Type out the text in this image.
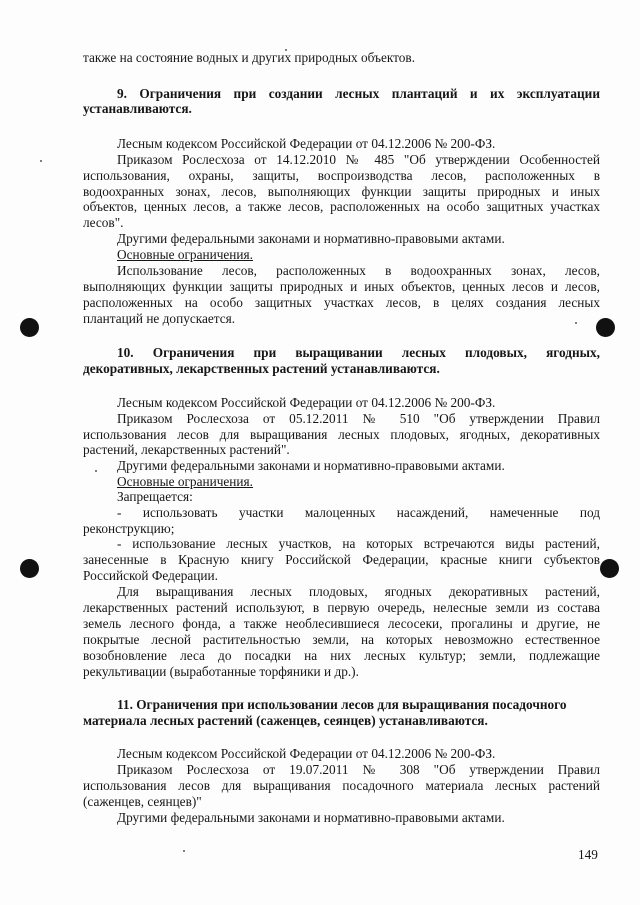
также на состояние водных и других природных объектов.
9. Ограничения при создании лесных плантаций и их эксплуатации
устанавливаются.
Лесным кодексом Российской Федерации от 04.12.2006 № 200-ФЗ.
Приказом Рослесхоза от 14.12.2010 № 485 "Об утверждении Особенностей
использования, охраны, защиты, воспроизводства лесов, расположенных в
водоохранных зонах, лесов, выполняющих функции защиты природных и иных
объектов, ценных лесов, а также лесов, расположенных на особо защитных участках
лесов".
Другими федеральными законами и нормативно-правовыми актами.
Основные ограничения.
Использование лесов, расположенных в водоохранных зонах, лесов,
выполняющих функции защиты природных и иных объектов, ценных лесов и лесов,
расположенных на особо защитных участках лесов, в целях создания лесных
плантаций не допускается.
10. Ограничения при выращивании лесных плодовых, ягодных,
декоративных, лекарственных растений устанавливаются.
Лесным кодексом Российской Федерации от 04.12.2006 № 200-ФЗ.
Приказом Рослесхоза от 05.12.2011 № 510 "Об утверждении Правил
использования лесов для выращивания лесных плодовых, ягодных, декоративных
растений, лекарственных растений".
Другими федеральными законами и нормативно-правовыми актами.
Основные ограничения.
Запрещается:
- использовать участки малоценных насаждений, намеченные под
реконструкцию;
- использование лесных участков, на которых встречаются виды растений,
занесенные в Красную книгу Российской Федерации, красные книги субъектов
Российской Федерации.
Для выращивания лесных плодовых, ягодных декоративных растений,
лекарственных растений используют, в первую очередь, нелесные земли из состава
земель лесного фонда, а также необлесившиеся лесосеки, прогалины и другие, не
покрытые лесной растительностью земли, на которых невозможно естественное
возобновление леса до посадки на них лесных культур; земли, подлежащие
рекультивации (выработанные торфяники и др.).
11. Ограничения при использовании лесов для выращивания посадочного
материала лесных растений (саженцев, сеянцев) устанавливаются.
Лесным кодексом Российской Федерации от 04.12.2006 № 200-ФЗ.
Приказом Рослесхоза от 19.07.2011 № 308 "Об утверждении Правил
использования лесов для выращивания посадочного материала лесных растений
(саженцев, сеянцев)"
Другими федеральными законами и нормативно-правовыми актами.
149
